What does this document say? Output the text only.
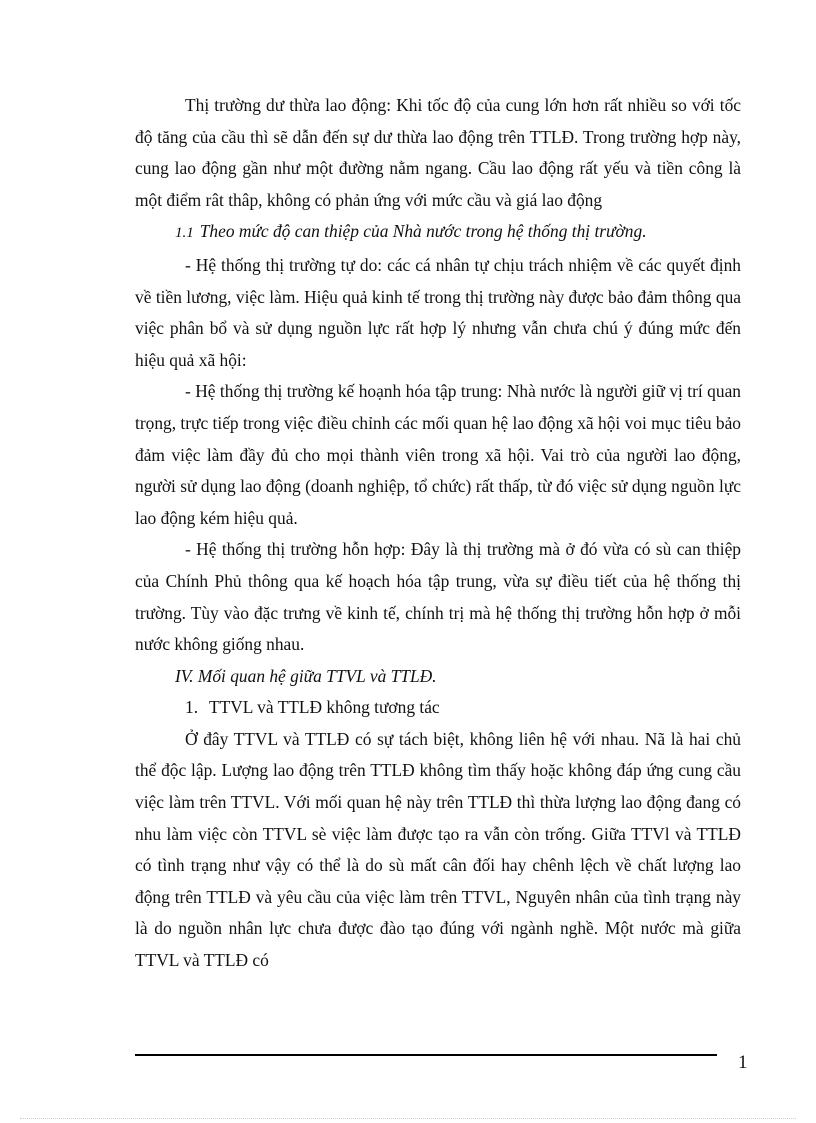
Thị trường dư thừa lao động: Khi tốc độ của cung lớn hơn rất nhiều so với tốc độ tăng của cầu thì sẽ dẫn đến sự dư thừa lao động trên TTLĐ. Trong trường hợp này, cung lao động gần như một đường nằm ngang. Cầu lao động rất yếu và tiền công là một điểm rât thâp, không có phản ứng với mức cầu và giá lao động

1.1 Theo mức độ can thiệp của Nhà nước trong hệ thống thị trường.

- Hệ thống thị trường tự do: các cá nhân tự chịu trách nhiệm về các quyết định về tiền lương, việc làm. Hiệu quả kinh tế trong thị trường này được bảo đảm thông qua việc phân bổ và sử dụng nguồn lực rất hợp lý nhưng vẫn chưa chú ý đúng mức đến hiệu quả xã hội:

- Hệ thống thị trường kế hoạnh hóa tập trung: Nhà nước là người giữ vị trí quan trọng, trực tiếp trong việc điều chỉnh các mối quan hệ lao động xã hội voi mục tiêu bảo đảm việc làm đầy đủ cho mọi thành viên trong xã hội. Vai trò của người lao động, người sử dụng lao động (doanh nghiệp, tổ chức) rất thấp, từ đó việc sử dụng nguồn lực lao động kém hiệu quả.

- Hệ thống thị trường hỗn hợp: Đây là thị trường mà ở đó vừa có sù can thiệp của Chính Phủ thông qua kế hoạch hóa tập trung, vừa sự điều tiết của hệ thống thị trường. Tùy vào đặc trưng về kinh tế, chính trị mà hệ thống thị trường hỗn hợp ở mỗi nước không giống nhau.

IV. Mối quan hệ giữa TTVL và TTLĐ.

1. TTVL và TTLĐ không tương tác

Ở đây TTVL và TTLĐ có sự tách biệt, không liên hệ với nhau. Nã là hai chủ thể độc lập. Lượng lao động trên TTLĐ không tìm thấy hoặc không đáp ứng cung cầu việc làm trên TTVL. Với mối quan hệ này trên TTLĐ thì thừa lượng lao động đang có nhu làm việc còn TTVL sè việc làm được tạo ra vẫn còn trống. Giữa TTVl và TTLĐ có tình trạng như vậy có thể là do sù mất cân đối hay chênh lệch về chất lượng lao động trên TTLĐ và yêu cầu của việc làm trên TTVL, Nguyên nhân của tình trạng này là do nguồn nhân lực chưa được đào tạo đúng với ngành nghề. Một nước mà giữa TTVL và TTLĐ có

1
